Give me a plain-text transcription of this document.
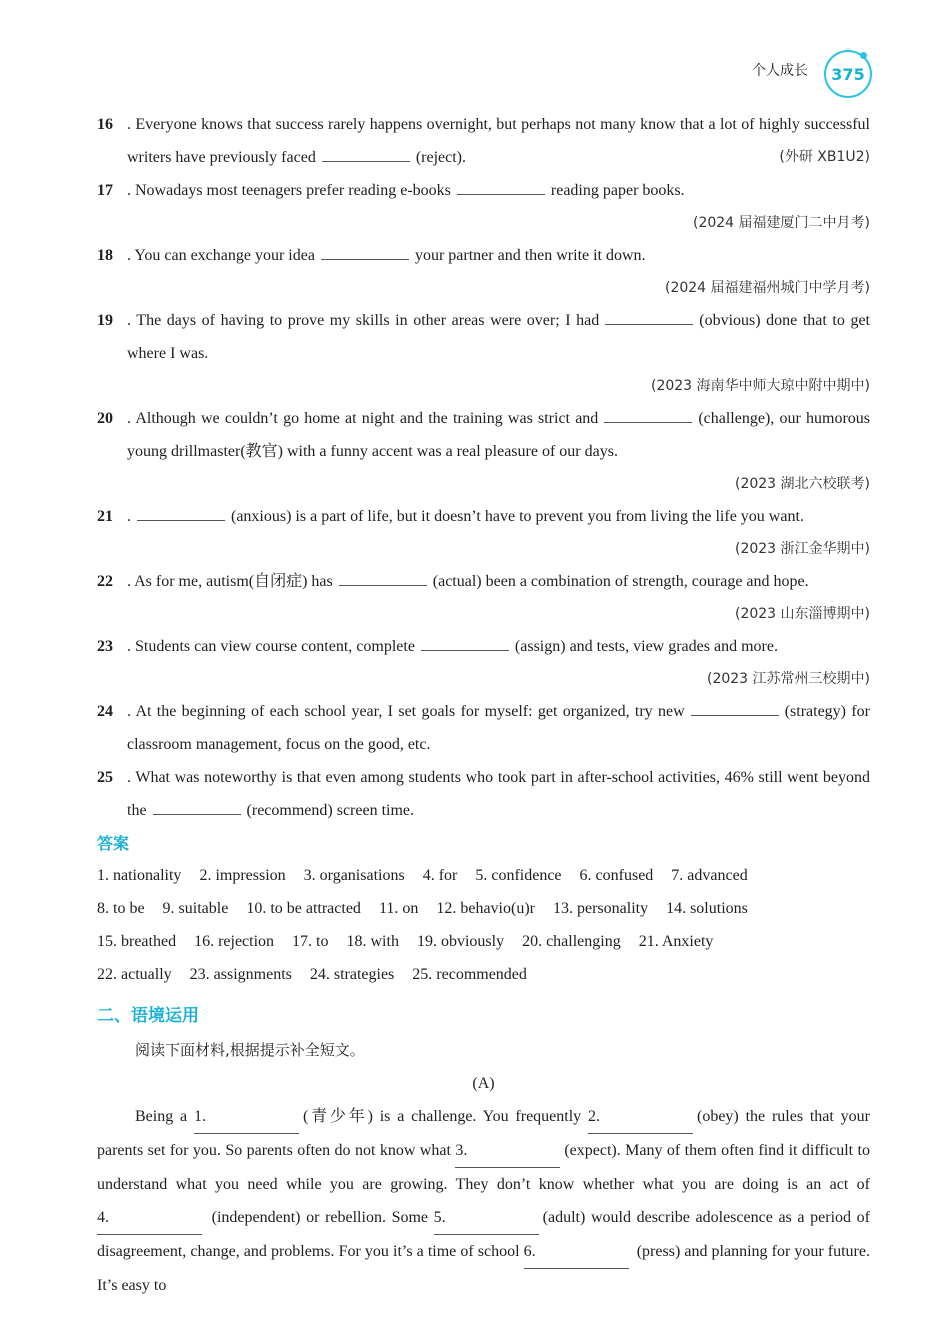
个人成长 375
16 . Everyone knows that success rarely happens overnight, but perhaps not many know that a lot of highly successful writers have previously faced	(reject).	(外研 XB1U2)
17 . Nowadays most teenagers prefer reading e-books	reading paper books.
(2024 届福建厦门二中月考)
18 . You can exchange your idea	your partner and then write it down.
(2024 届福建福州城门中学月考)
19 . The days of having to prove my skills in other areas were over; I had	(obvious) done that to get where I was.
(2023 海南华中师大琼中附中期中)
20 . Although we couldn’t go home at night and the training was strict and	(challenge), our humorous young drillmaster(教官) with a funny accent was a real pleasure of our days.
(2023 湖北六校联考)
21 .	(anxious) is a part of life, but it doesn’t have to prevent you from living the life you want.
(2023 浙江金华期中)
22 . As for me, autism(自闭症) has	(actual) been a combination of strength, courage and hope.
(2023 山东淄博期中)
23 . Students can view course content, complete	(assign) and tests, view grades and more.
(2023 江苏常州三校期中)
24 . At the beginning of each school year, I set goals for myself: get organized, try new	(strategy) for classroom management, focus on the good, etc.
25 . What was noteworthy is that even among students who took part in after-school activities, 46% still went beyond the	(recommend) screen time.
答案
1. nationality 2. impression 3. organisations 4. for 5. confidence 6. confused 7. advanced
8. to be 9. suitable 10. to be attracted 11. on 12. behavio(u)r 13. personality 14. solutions
15. breathed 16. rejection 17. to 18. with 19. obviously 20. challenging 21. Anxiety
22. actually 23. assignments 24. strategies 25. recommended
二、语境运用
阅读下面材料,根据提示补全短文。
(A)
Being a 1.	(青少年) is a challenge. You frequently 2.	(obey) the rules that your parents set for you. So parents often do not know what 3.	(expect). Many of them often find it difficult to understand what you need while you are growing. They don’t know whether what you are doing is an act of 4.	(independent) or rebellion. Some 5.	(adult) would describe adolescence as a period of disagreement, change, and problems. For you it’s a time of school 6.	(press) and planning for your future. It’s easy to
